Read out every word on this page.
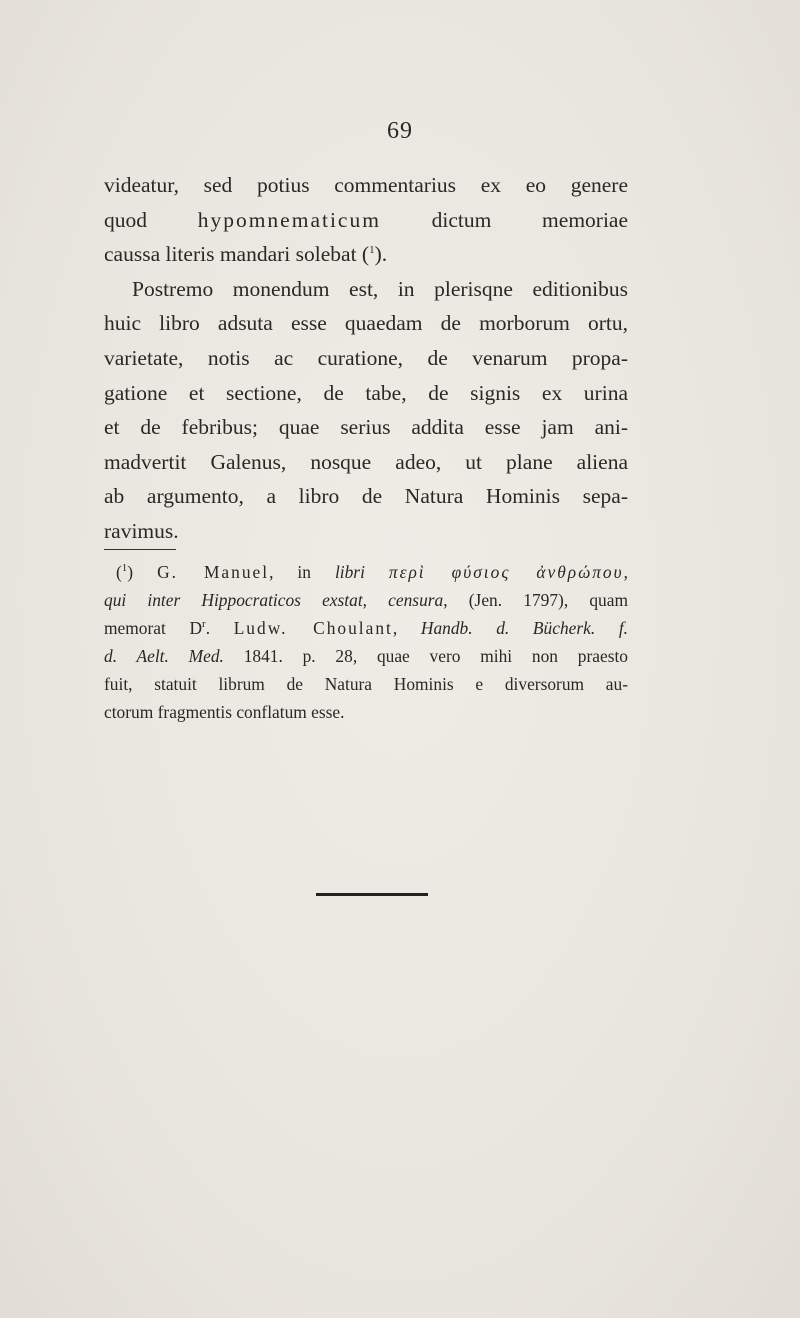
69
videatur, sed potius commentarius ex eo genere
quod hypomnematicum dictum memoriae
caussa literis mandari solebat ($^1$).
Postremo monendum est, in plerisqne editionibus
huic libro adsuta esse quaedam de morborum ortu,
varietate, notis ac curatione, de venarum propa-
gatione et sectione, de tabe, de signis ex urina
et de febribus; quae serius addita esse jam ani-
madvertit Galenus, nosque adeo, ut plane aliena
ab argumento, a libro de Natura Hominis sepa-
ravimus.
($^1$) G. Manuel, in libri περὶ φύσιος ἀνθρώπου,
qui inter Hippocraticos exstat, censura, (Jen. 1797), quam
memorat $D^r$. Ludw. Choulant, Handb. d. Bücherk. f.
d. Aelt. Med. 1841. p. 28, quae vero mihi non praesto
fuit, statuit librum de Natura Hominis e diversorum au-
ctorum fragmentis conflatum esse.
